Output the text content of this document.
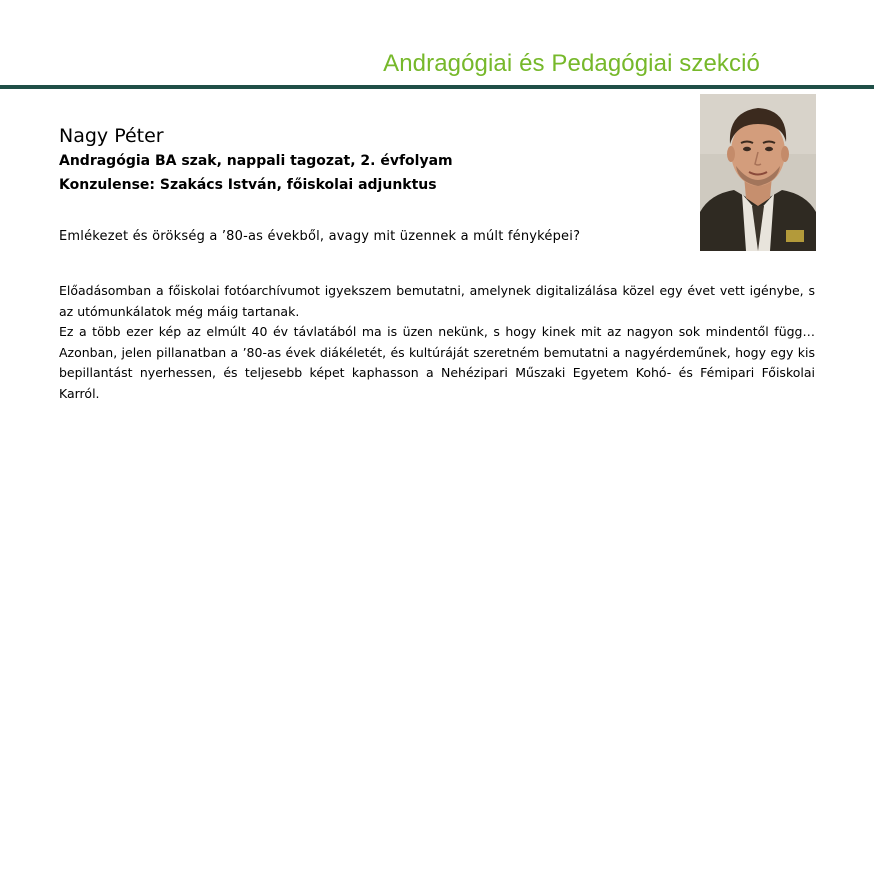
Andragógiai és Pedagógiai szekció
Nagy Péter
Andragógia BA szak, nappali tagozat, 2. évfolyam
Konzulense: Szakács István, főiskolai adjunktus
Emlékezet és örökség a ’80-as évekből, avagy mit üzennek a múlt fényképei?

Előadásomban a főiskolai fotóarchívumot igyekszem bemutatni, amelynek digitalizálása közel egy évet vett igénybe, s az utómunkálatok még máig tartanak.

Ez a több ezer kép az elmúlt 40 év távlatából ma is üzen nekünk, s hogy kinek mit az nagyon sok mindentől függ… Azonban, jelen pillanatban a ’80-as évek diákéletét, és kultúráját szeretném bemutatni a nagyérdeműnek, hogy egy kis bepillantást nyerhessen, és teljesebb képet kaphasson a Nehézipari Műszaki Egyetem Kohó- és Fémipari Főiskolai Karról.
